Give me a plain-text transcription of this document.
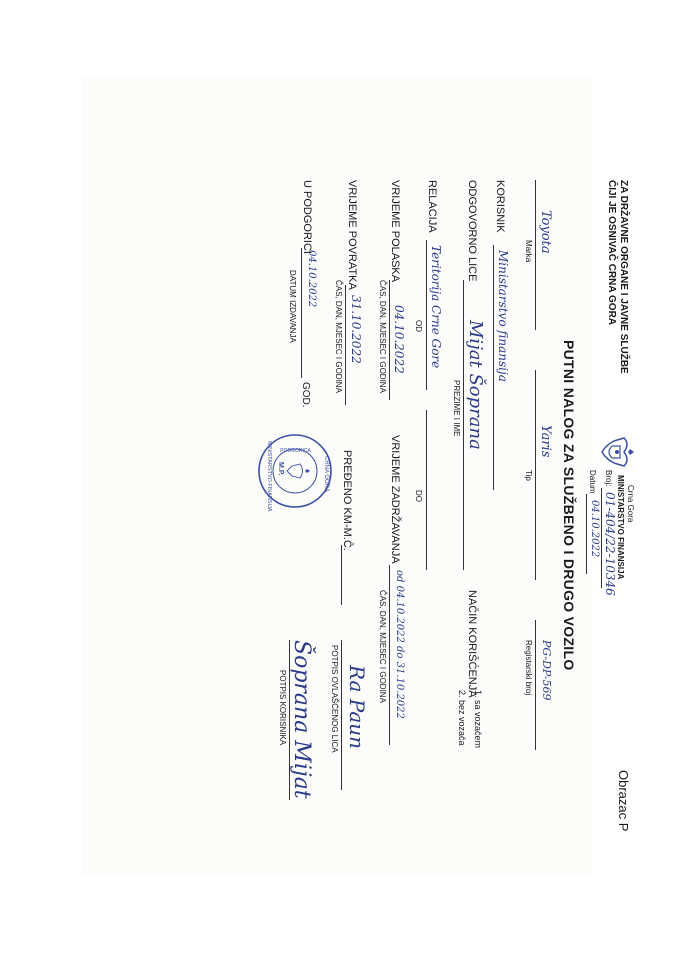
ZA DRŽAVNE ORGANE I JAVNE SLUŽBE
ČIJI JE OSNIVAČ CRNA GORA
Crna Gora
MINISTARSTVO FINANSIJA
Broj:
01-404/22-10346
Datum
04.10.2022
Obrazac P
PUTNI NALOG ZA SLUŽBENO I DRUGO VOZILO
Toyota
Marka
Yaris
Tip
PG-DP-569
Registarski broj
KORISNIK
Ministarstvo finansija
ODGOVORNO LICE
Mijat Šoprana
PREZIME I IME
NAČIN KORIŠĆENJA
1. sa vozačem
2. bez vozača
RELACIJA
Teritorija Crne Gore
OD
DO
VRIJEME POLASKA
04.10.2022
ČAS, DAN, MJESEC I GODINA
VRIJEME ZADRŽAVANJA
od 04.10.2022 do 31.10.2022
ČAS, DAN, MJESEC I GODINA
VRIJEME POVRATKA
31.10.2022
ČAS, DAN, MJESEC I GODINA
PREĐENO KM-M.Č.
Ra Paun
POTPIS OVLAŠĆENOG LICA
U PODGORICI
04.10.2022
GOD.
DATUM IZDAVANJA
CRNA GORA
MINISTARSTVO FINANSIJA PODGORICA
M.P.
Šoprana Mijat
POTPIS KORISNIKA
